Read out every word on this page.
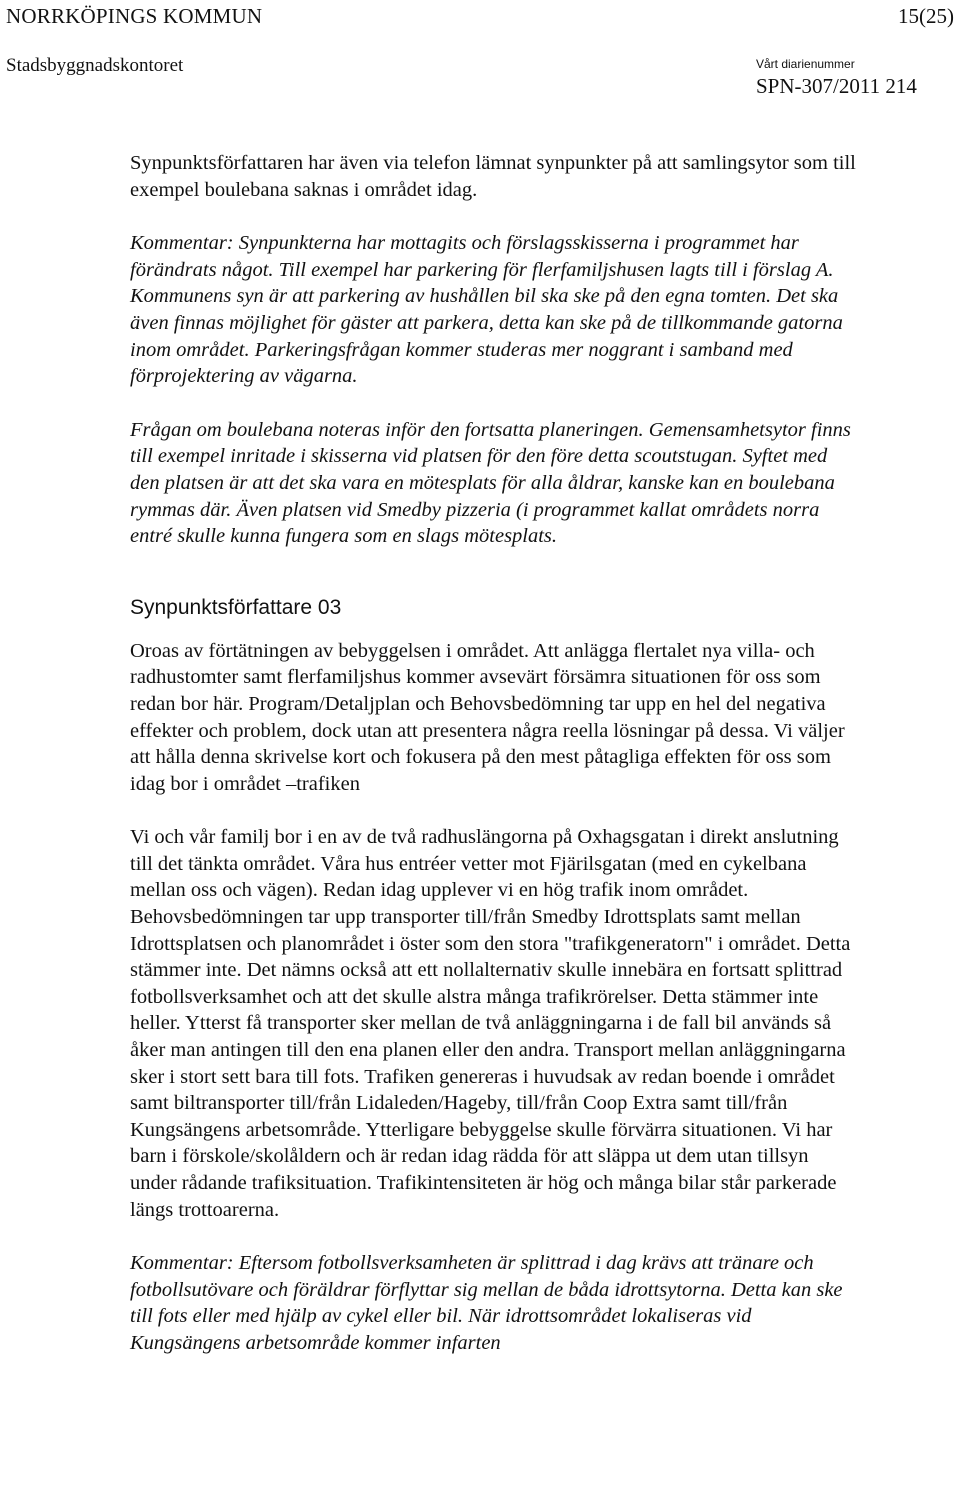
NORRKÖPINGS KOMMUN	15(25)
Stadsbyggnadskontoret	Vårt diarienummer
SPN-307/2011 214

Synpunktsförfattaren har även via telefon lämnat synpunkter på att samlingsytor som till exempel boulebana saknas i området idag.

Kommentar: Synpunkterna har mottagits och förslagsskisserna i programmet har förändrats något. Till exempel har parkering för flerfamiljshusen lagts till i förslag A. Kommunens syn är att parkering av hushållen bil ska ske på den egna tomten. Det ska även finnas möjlighet för gäster att parkera, detta kan ske på de tillkommande gatorna inom området. Parkeringsfrågan kommer studeras mer noggrant i samband med förprojektering av vägarna.

Frågan om boulebana noteras inför den fortsatta planeringen. Gemensamhetsytor finns till exempel inritade i skisserna vid platsen för den före detta scoutstugan. Syftet med den platsen är att det ska vara en mötesplats för alla åldrar, kanske kan en boulebana rymmas där. Även platsen vid Smedby pizzeria (i programmet kallat områdets norra entré skulle kunna fungera som en slags mötesplats.

Synpunktsförfattare 03

Oroas av förtätningen av bebyggelsen i området. Att anlägga flertalet nya villa- och radhustomter samt flerfamiljshus kommer avsevärt försämra situationen för oss som redan bor här. Program/Detaljplan och Behovsbedömning tar upp en hel del negativa effekter och problem, dock utan att presentera några reella lösningar på dessa. Vi väljer att hålla denna skrivelse kort och fokusera på den mest påtagliga effekten för oss som idag bor i området –trafiken

Vi och vår familj bor i en av de två radhuslängorna på Oxhagsgatan i direkt anslutning till det tänkta området. Våra hus entréer vetter mot Fjärilsgatan (med en cykelbana mellan oss och vägen). Redan idag upplever vi en hög trafik inom området. Behovsbedömningen tar upp transporter till/från Smedby Idrottsplats samt mellan Idrottsplatsen och planområdet i öster som den stora "trafikgeneratorn" i området. Detta stämmer inte. Det nämns också att ett nollalternativ skulle innebära en fortsatt splittrad fotbollsverksamhet och att det skulle alstra många trafikrörelser. Detta stämmer inte heller. Ytterst få transporter sker mellan de två anläggningarna i de fall bil används så åker man antingen till den ena planen eller den andra. Transport mellan anläggningarna sker i stort sett bara till fots. Trafiken genereras i huvudsak av redan boende i området samt biltransporter till/från Lidaleden/Hageby, till/från Coop Extra samt till/från Kungsängens arbetsområde. Ytterligare bebyggelse skulle förvärra situationen. Vi har barn i förskole/skolåldern och är redan idag rädda för att släppa ut dem utan tillsyn under rådande trafiksituation. Trafikintensiteten är hög och många bilar står parkerade längs trottoarerna.

Kommentar: Eftersom fotbollsverksamheten är splittrad i dag krävs att tränare och fotbollsutövare och föräldrar förflyttar sig mellan de båda idrottsytorna. Detta kan ske till fots eller med hjälp av cykel eller bil. När idrottsområdet lokaliseras vid Kungsängens arbetsområde kommer infarten
